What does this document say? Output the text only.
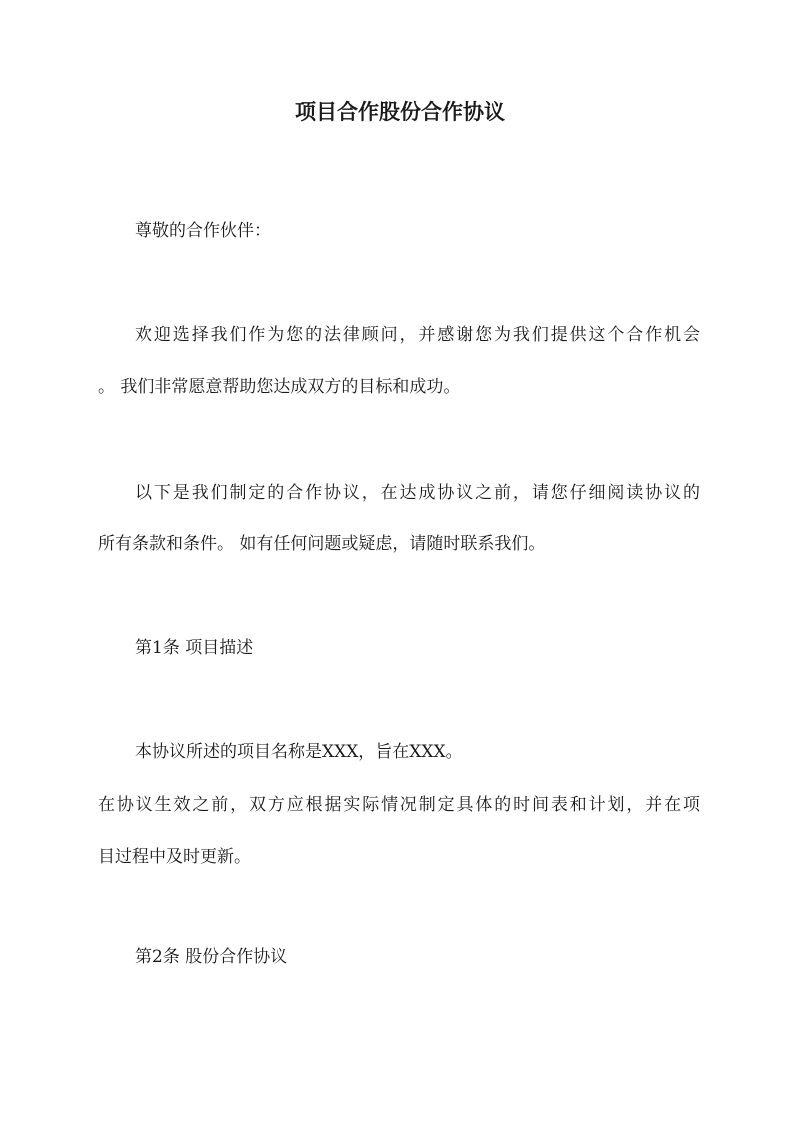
项目合作股份合作协议

尊敬的合作伙伴：

欢迎选择我们作为您的法律顾问，并感谢您为我们提供这个合作机会

。 我们非常愿意帮助您达成双方的目标和成功。

以下是我们制定的合作协议，在达成协议之前，请您仔细阅读协议的

所有条款和条件。 如有任何问题或疑虑，请随时联系我们。

第1条 项目描述

本协议所述的项目名称是XXX，旨在XXX。

在协议生效之前，双方应根据实际情况制定具体的时间表和计划，并在项

目过程中及时更新。

第2条 股份合作协议
